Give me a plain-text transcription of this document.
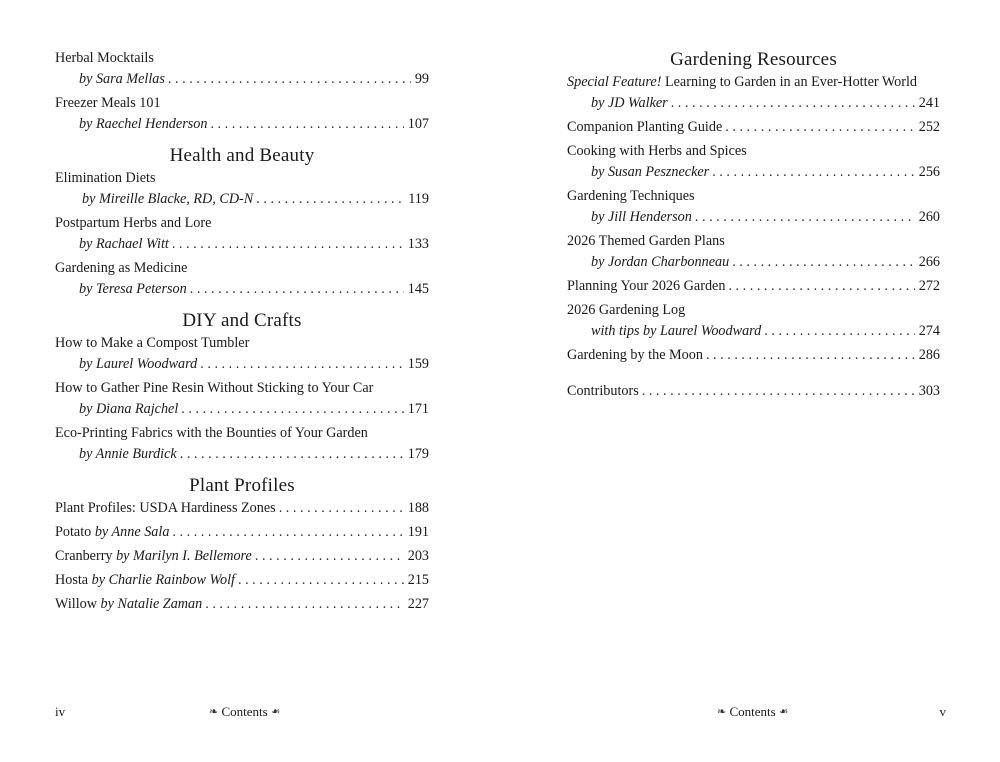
Herbal Mocktails
by Sara Mellas . . .	99
Freezer Meals 101
by Raechel Henderson . . .	107
Health and Beauty
Elimination Diets
by Mireille Blacke, RD, CD-N . . .	119
Postpartum Herbs and Lore
by Rachael Witt . . .	133
Gardening as Medicine
by Teresa Peterson . . .	145
DIY and Crafts
How to Make a Compost Tumbler
by Laurel Woodward . . .	159
How to Gather Pine Resin Without Sticking to Your Car
by Diana Rajchel . . .	171
Eco-Printing Fabrics with the Bounties of Your Garden
by Annie Burdick . . .	179
Plant Profiles
Plant Profiles: USDA Hardiness Zones . . .	188
Potato by Anne Sala . . .	191
Cranberry by Marilyn I. Bellemore . . .	203
Hosta by Charlie Rainbow Wolf . . .	215
Willow by Natalie Zaman . . .	227
iv	❧ Contents ❧
Gardening Resources
Special Feature! Learning to Garden in an Ever-Hotter World
by JD Walker . . .	241
Companion Planting Guide . . .	252
Cooking with Herbs and Spices
by Susan Pesznecker . . .	256
Gardening Techniques
by Jill Henderson . . .	260
2026 Themed Garden Plans
by Jordan Charbonneau . . .	266
Planning Your 2026 Garden . . .	272
2026 Gardening Log
with tips by Laurel Woodward . . .	274
Gardening by the Moon . . .	286
Contributors . . .	303
❧ Contents ❧	v
